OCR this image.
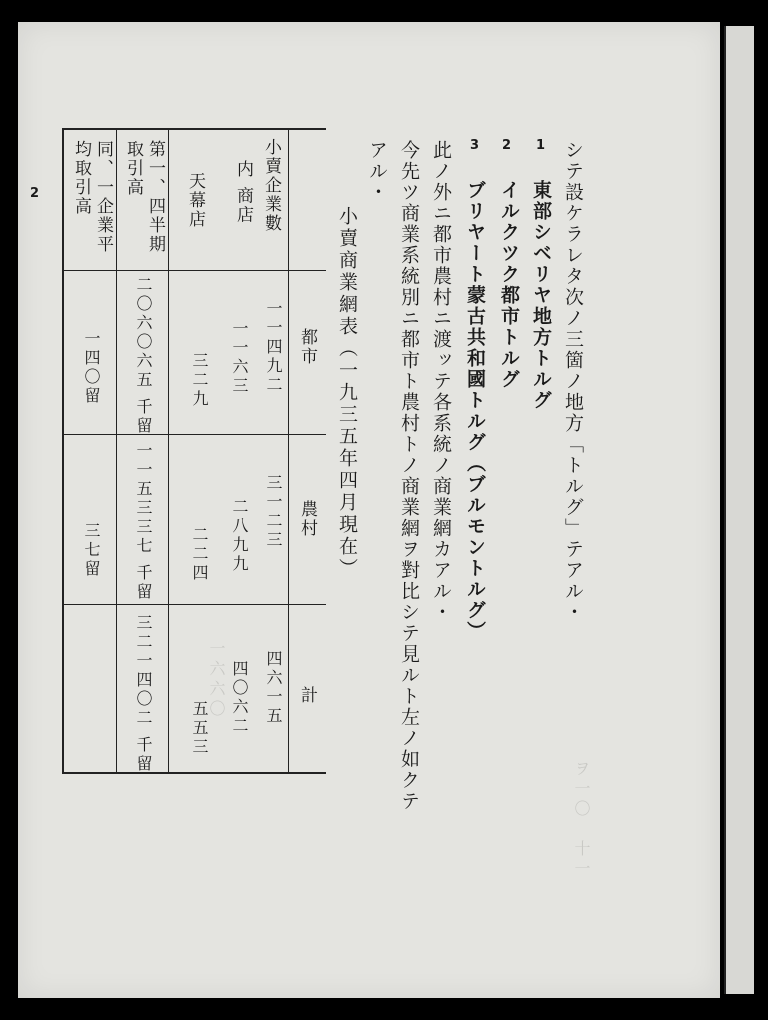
ヲ一〇　十一
一六六〇
2	シテ設ケラレタ次ノ三箇ノ地方「トルグ」テアル・
1
東部シベリヤ地方トルグ
2
イルクツク都市トルグ
3
ブリヤート蒙古共和國トルグ（ブルモントルグ）
此ノ外ニ都市農村ニ渡ッテ各系統ノ商業網カアル・
今先ツ商業系統別ニ都市ト農村トノ商業網ヲ對比シテ見ルト左ノ如クテ
アル・
小賣商業網表（一九三五年四月現在）
都市
農村
計
小賣企業數
内 商店
天幕店
第一、四半期取引高
同、一企業平均取引高
一一四九二
一一六三
三二九
二〇六〇六五 千留
一四〇留
三一二三
二八九九
二二四
一一五三三七 千留
三七留
四六一五
四〇六二
五五三
三二一四〇二 千留
